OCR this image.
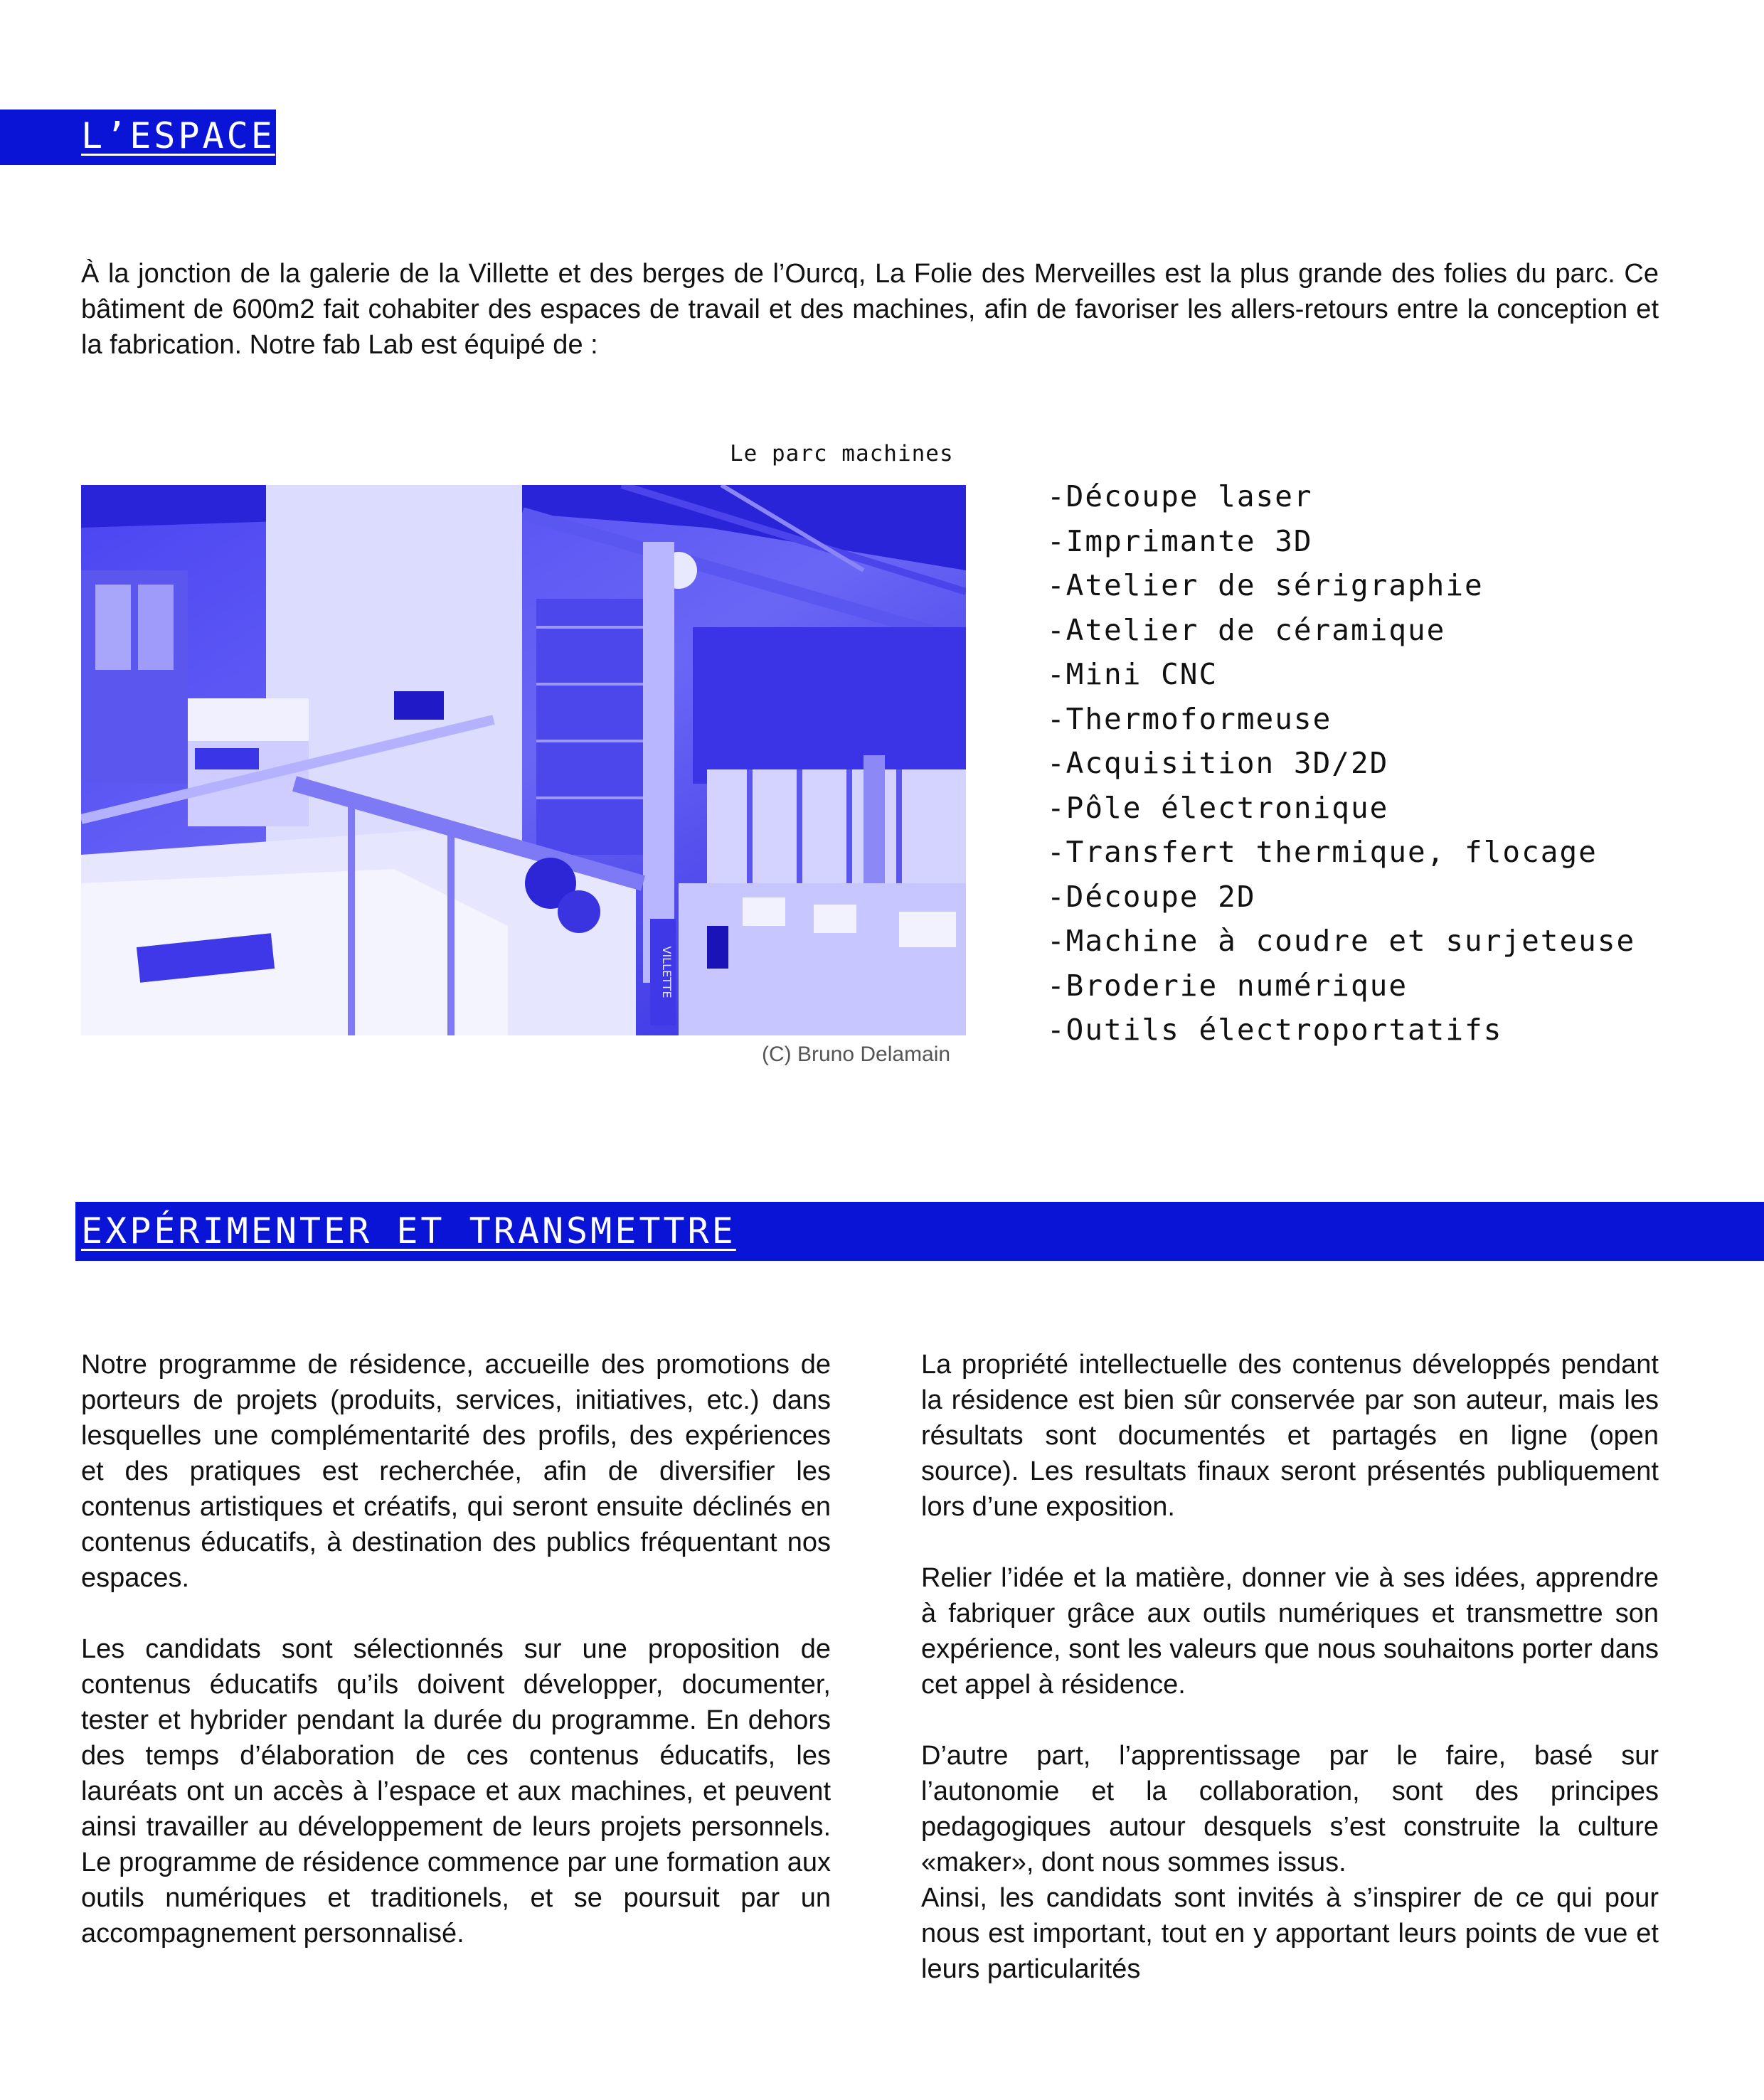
L’ESPACE

À la jonction de la galerie de la Villette et des berges de l’Ourcq, La Folie des Merveilles est la plus grande des folies du parc. Ce bâtiment de 600m2 fait cohabiter des espaces de travail et des machines, afin de favoriser les allers-retours entre la conception et la fabrication. Notre fab Lab est équipé de :

Le parc machines
VILLETTE
(C) Bruno Delamain
-Découpe laser
-Imprimante 3D
-Atelier de sérigraphie
-Atelier de céramique
-Mini CNC
-Thermoformeuse
-Acquisition 3D/2D
-Pôle électronique
-Transfert thermique, flocage
-Découpe 2D
-Machine à coudre et surjeteuse
-Broderie numérique
-Outils électroportatifs
EXPÉRIMENTER ET TRANSMETTRE

Notre programme de résidence, accueille des promotions de porteurs de projets (produits, services, initiatives, etc.) dans lesquelles une complémentarité des profils, des expériences et des pratiques est recherchée, afin de diversifier les contenus artistiques et créatifs, qui seront ensuite déclinés en contenus éducatifs, à destination des publics fréquentant nos espaces.

Les candidats sont sélectionnés sur une proposition de contenus éducatifs qu’ils doivent développer, documenter, tester et hybrider pendant la durée du programme. En dehors des temps d’élaboration de ces contenus éducatifs, les lauréats ont un accès à l’espace et aux machines, et peuvent ainsi travailler au développement de leurs projets personnels. Le programme de résidence commence par une formation aux outils numériques et traditionels, et se poursuit par un accompagnement personnalisé.

La propriété intellectuelle des contenus développés pendant la résidence est bien sûr conservée par son auteur, mais les résultats sont documentés et partagés en ligne (open source). Les resultats finaux seront présentés publiquement lors d’une exposition.

Relier l’idée et la matière, donner vie à ses idées, apprendre à fabriquer grâce aux outils numériques et transmettre son expérience, sont les valeurs que nous souhaitons porter dans cet appel à résidence.

D’autre part, l’apprentissage par le faire, basé sur l’autonomie et la collaboration, sont des principes pedagogiques autour desquels s’est construite la culture «maker», dont nous sommes issus.

Ainsi, les candidats sont invités à s’inspirer de ce qui pour nous est important, tout en y apportant leurs points de vue et leurs particularités
